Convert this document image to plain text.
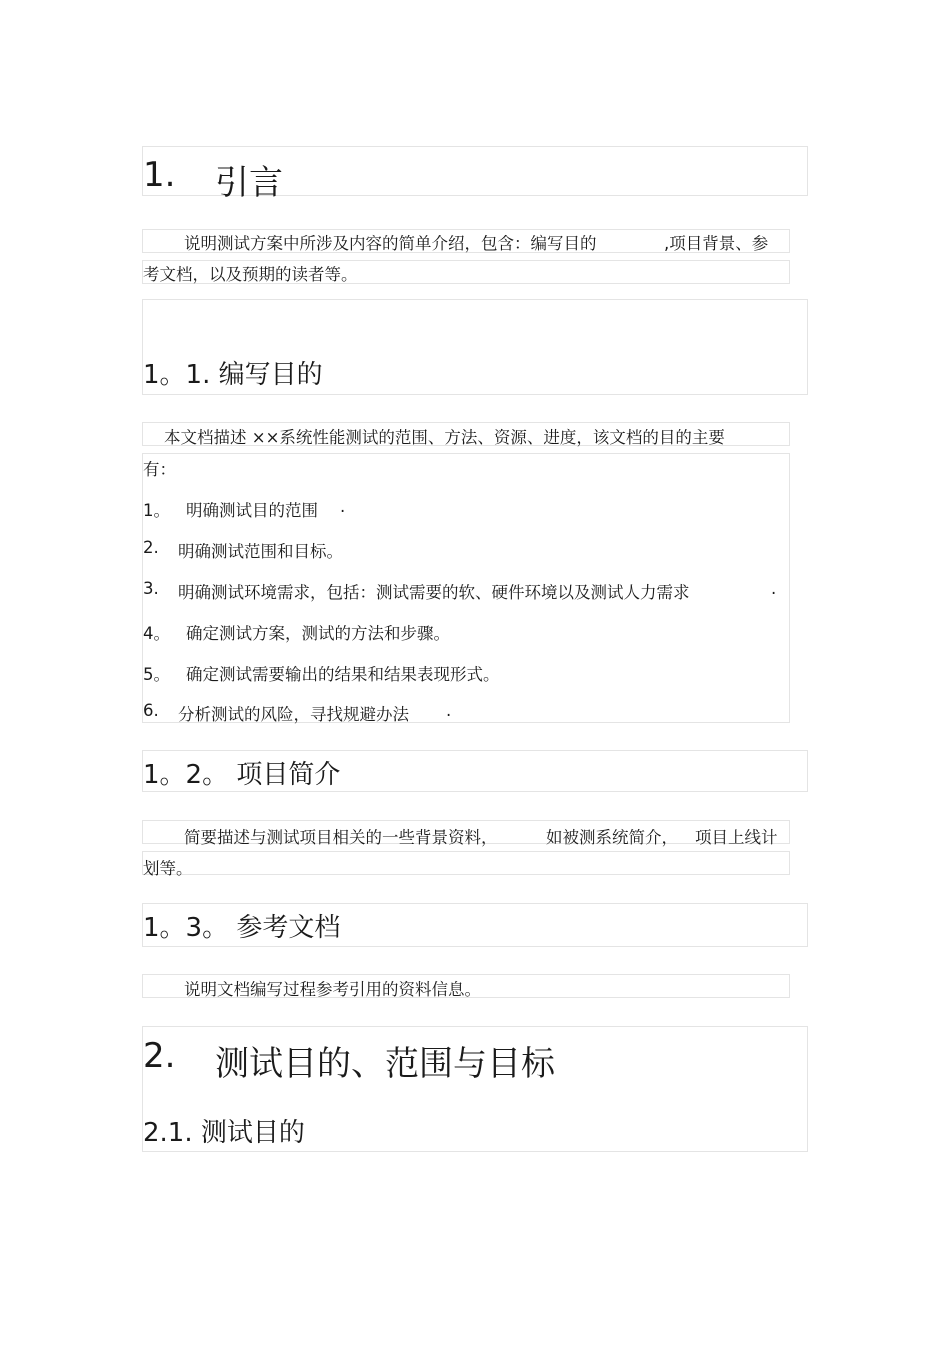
1. 引言
说明测试方案中所涉及内容的简单介绍，包含：编写目的	,项目背景、参
考文档，以及预期的读者等。
1。1. 编写目的
本文档描述 ××系统性能测试的范围、方法、资源、进度，该文档的目的主要
有：
1。 明确测试目的范围 .
2. 明确测试范围和目标。
3. 明确测试环境需求，包括：测试需要的软、硬件环境以及测试人力需求	.
4。 确定测试方案，测试的方法和步骤。
5。 确定测试需要输出的结果和结果表现形式。
6. 分析测试的风险，寻找规避办法 .
1。2。 项目简介
简要描述与测试项目相关的一些背景资料，	如被测系统简介， 项目上线计
划等。
1。3。 参考文档
说明文档编写过程参考引用的资料信息。
2. 测试目的、范围与目标
2.1. 测试目的
